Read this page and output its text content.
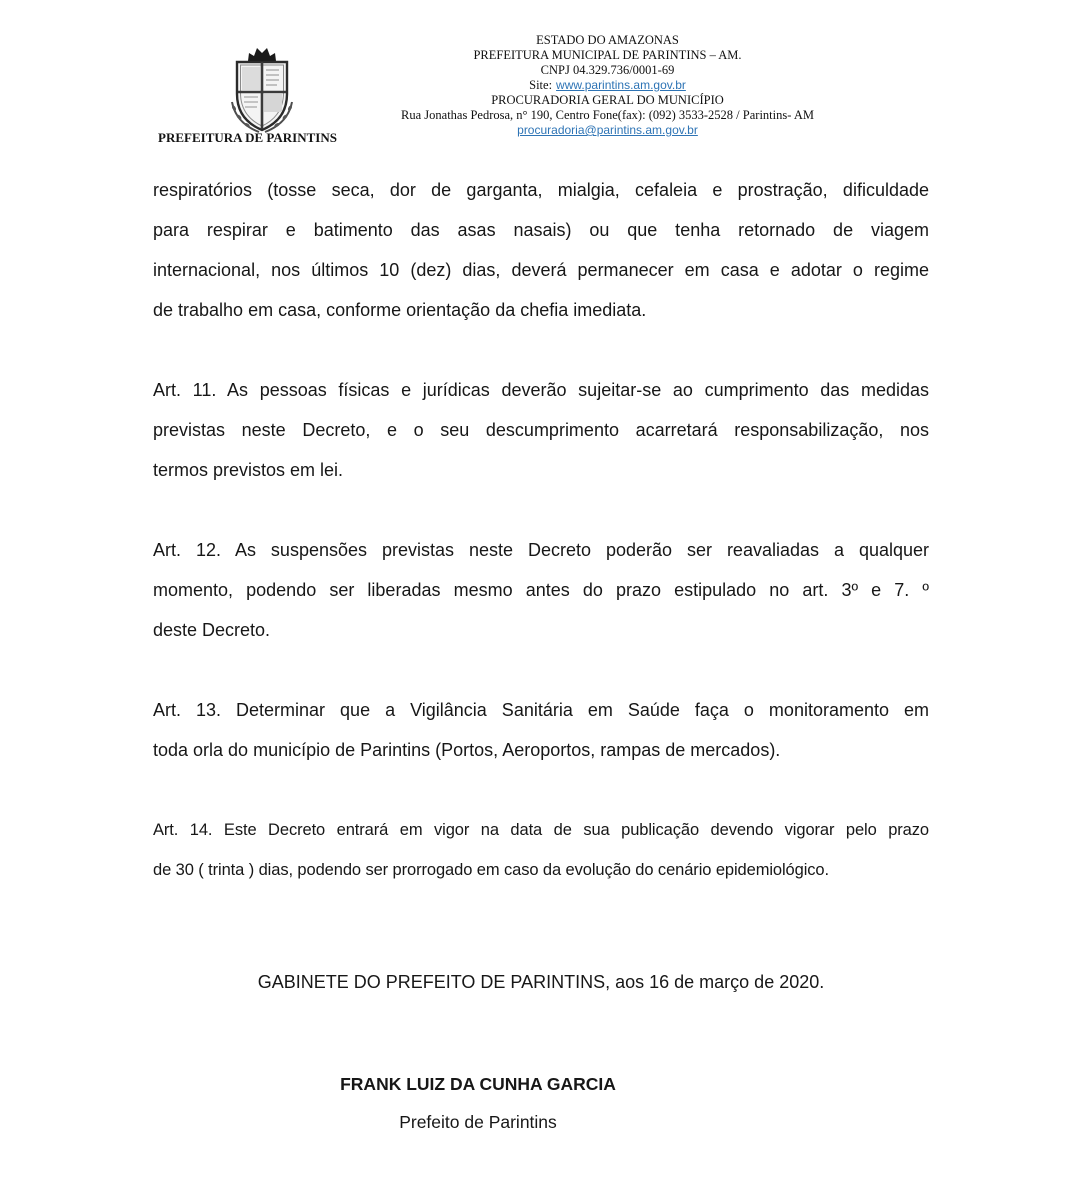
PREFEITURA DE PARINTINS
ESTADO DO AMAZONAS
PREFEITURA MUNICIPAL DE PARINTINS – AM.
CNPJ 04.329.736/0001-69
Site: www.parintins.am.gov.br
PROCURADORIA GERAL DO MUNICÍPIO
Rua Jonathas Pedrosa, n° 190, Centro Fone(fax): (092) 3533-2528 / Parintins- AM
procuradoria@parintins.am.gov.br
respiratórios (tosse seca, dor de garganta, mialgia, cefaleia e prostração, dificuldade
para respirar e batimento das asas nasais) ou que tenha retornado de viagem
internacional, nos últimos 10 (dez) dias, deverá permanecer em casa e adotar o regime
de trabalho em casa, conforme orientação da chefia imediata.
Art. 11. As pessoas físicas e jurídicas deverão sujeitar-se ao cumprimento das medidas
previstas neste Decreto, e o seu descumprimento acarretará responsabilização, nos
termos previstos em lei.
Art. 12. As suspensões previstas neste Decreto poderão ser reavaliadas a qualquer
momento, podendo ser liberadas mesmo antes do prazo estipulado no art. 3º e 7. º
deste Decreto.
Art. 13. Determinar que a Vigilância Sanitária em Saúde faça o monitoramento em
toda orla do município de Parintins (Portos, Aeroportos, rampas de mercados).
Art. 14. Este Decreto entrará em vigor na data de sua publicação devendo vigorar pelo prazo
de 30 ( trinta ) dias, podendo ser prorrogado em caso da evolução do cenário epidemiológico.
GABINETE DO PREFEITO DE PARINTINS, aos 16 de março de 2020.
FRANK LUIZ DA CUNHA GARCIA
Prefeito de Parintins
